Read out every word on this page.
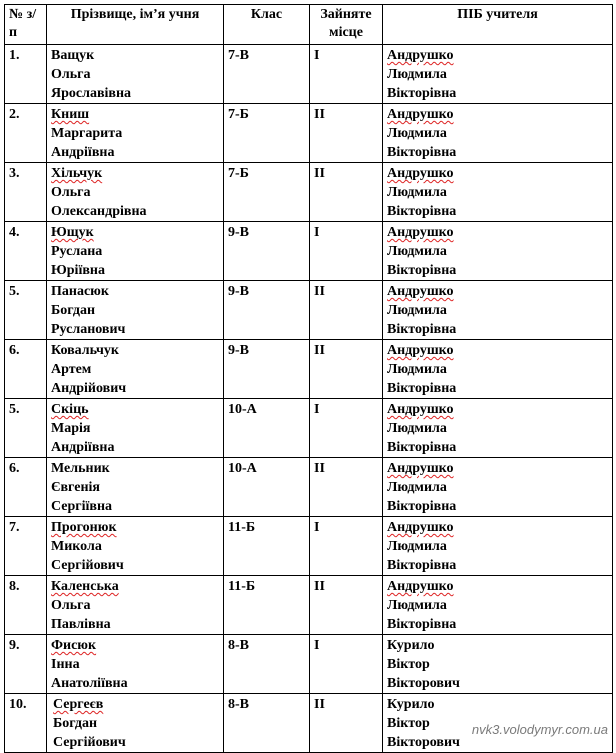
№ з/п	Прізвище, ім’я учня	Клас	Зайняте місце	ПІБ учителя
1.	Ващук
Ольга
Ярославівна	7-В	І	Андрушко
Людмила
Вікторівна

2.	Книш
Маргарита
Андріївна	7-Б	ІІ	Андрушко
Людмила
Вікторівна

3.	Хільчук
Ольга
Олександрівна	7-Б	ІІ	Андрушко
Людмила
Вікторівна

4.	Ющук
Руслана
Юріївна	9-В	І	Андрушко
Людмила
Вікторівна

5.	Панасюк
Богдан
Русланович	9-В	ІІ	Андрушко
Людмила
Вікторівна

6.	Ковальчук
Артем
Андрійович	9-В	ІІ	Андрушко
Людмила
Вікторівна

5.	Скіць
Марія
Андріївна	10-А	І	Андрушко
Людмила
Вікторівна

6.	Мельник
Євгенія
Сергіївна	10-А	ІІ	Андрушко
Людмила
Вікторівна

7.	Прогонюк
Микола
Сергійович	11-Б	І	Андрушко
Людмила
Вікторівна

8.	Каленська
Ольга
Павлівна	11-Б	ІІ	Андрушко
Людмила
Вікторівна

9.	Фисюк
Інна
Анатоліївна	8-В	І	Курило
Віктор
Вікторович

10.	Сергеєв
Богдан
Сергійович	8-В	ІІ	Курило
Віктор
Вікторович
nvk3.volodymyr.com.ua
